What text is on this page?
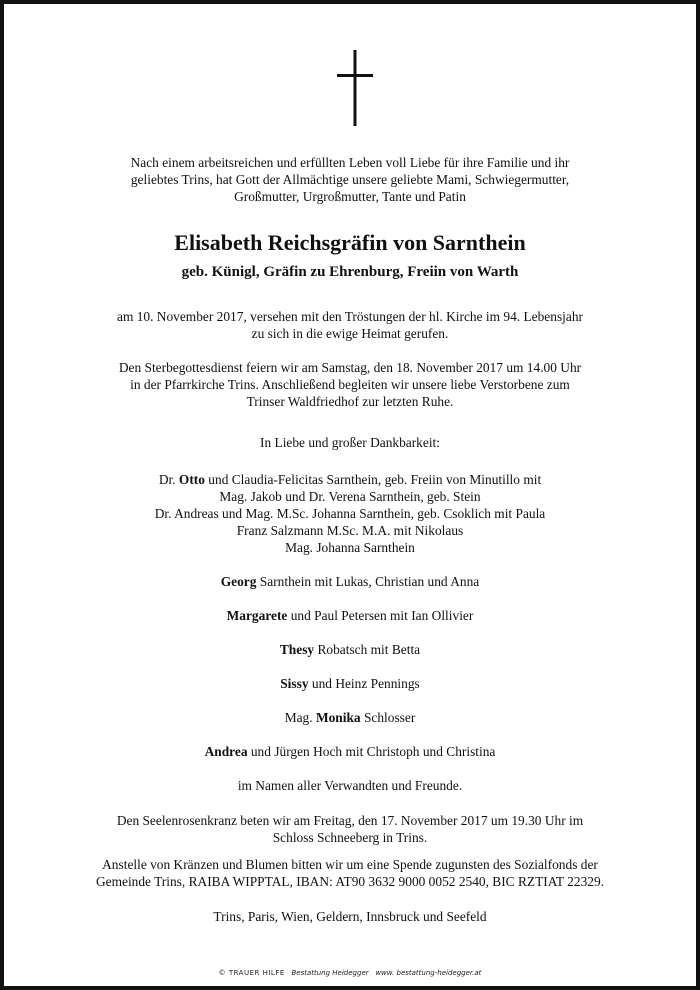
Nach einem arbeitsreichen und erfüllten Leben voll Liebe für ihre Familie und ihr
geliebtes Trins, hat Gott der Allmächtige unsere geliebte Mami, Schwiegermutter,
Großmutter, Urgroßmutter, Tante und Patin

Elisabeth Reichsgräfin von Sarnthein
geb. Künigl, Gräfin zu Ehrenburg, Freiin von Warth

am 10. November 2017, versehen mit den Tröstungen der hl. Kirche im 94. Lebensjahr
zu sich in die ewige Heimat gerufen.

Den Sterbegottesdienst feiern wir am Samstag, den 18. November 2017 um 14.00 Uhr
in der Pfarrkirche Trins. Anschließend begleiten wir unsere liebe Verstorbene zum
Trinser Waldfriedhof zur letzten Ruhe.

In Liebe und großer Dankbarkeit:

Dr. Otto und Claudia-Felicitas Sarnthein, geb. Freiin von Minutillo mit
Mag. Jakob und Dr. Verena Sarnthein, geb. Stein
Dr. Andreas und Mag. M.Sc. Johanna Sarnthein, geb. Csoklich mit Paula
Franz Salzmann M.Sc. M.A. mit Nikolaus
Mag. Johanna Sarnthein

Georg Sarnthein mit Lukas, Christian und Anna

Margarete und Paul Petersen mit Ian Ollivier

Thesy Robatsch mit Betta

Sissy und Heinz Pennings

Mag. Monika Schlosser

Andrea und Jürgen Hoch mit Christoph und Christina

im Namen aller Verwandten und Freunde.

Den Seelenrosenkranz beten wir am Freitag, den 17. November 2017 um 19.30 Uhr im
Schloss Schneeberg in Trins.

Anstelle von Kränzen und Blumen bitten wir um eine Spende zugunsten des Sozialfonds der
Gemeinde Trins, RAIBA WIPPTAL, IBAN: AT90 3632 9000 0052 2540, BIC RZTIAT 22329.

Trins, Paris, Wien, Geldern, Innsbruck und Seefeld

© TRAUER HILFE Bestattung Heidegger www. bestattung-heidegger.at
